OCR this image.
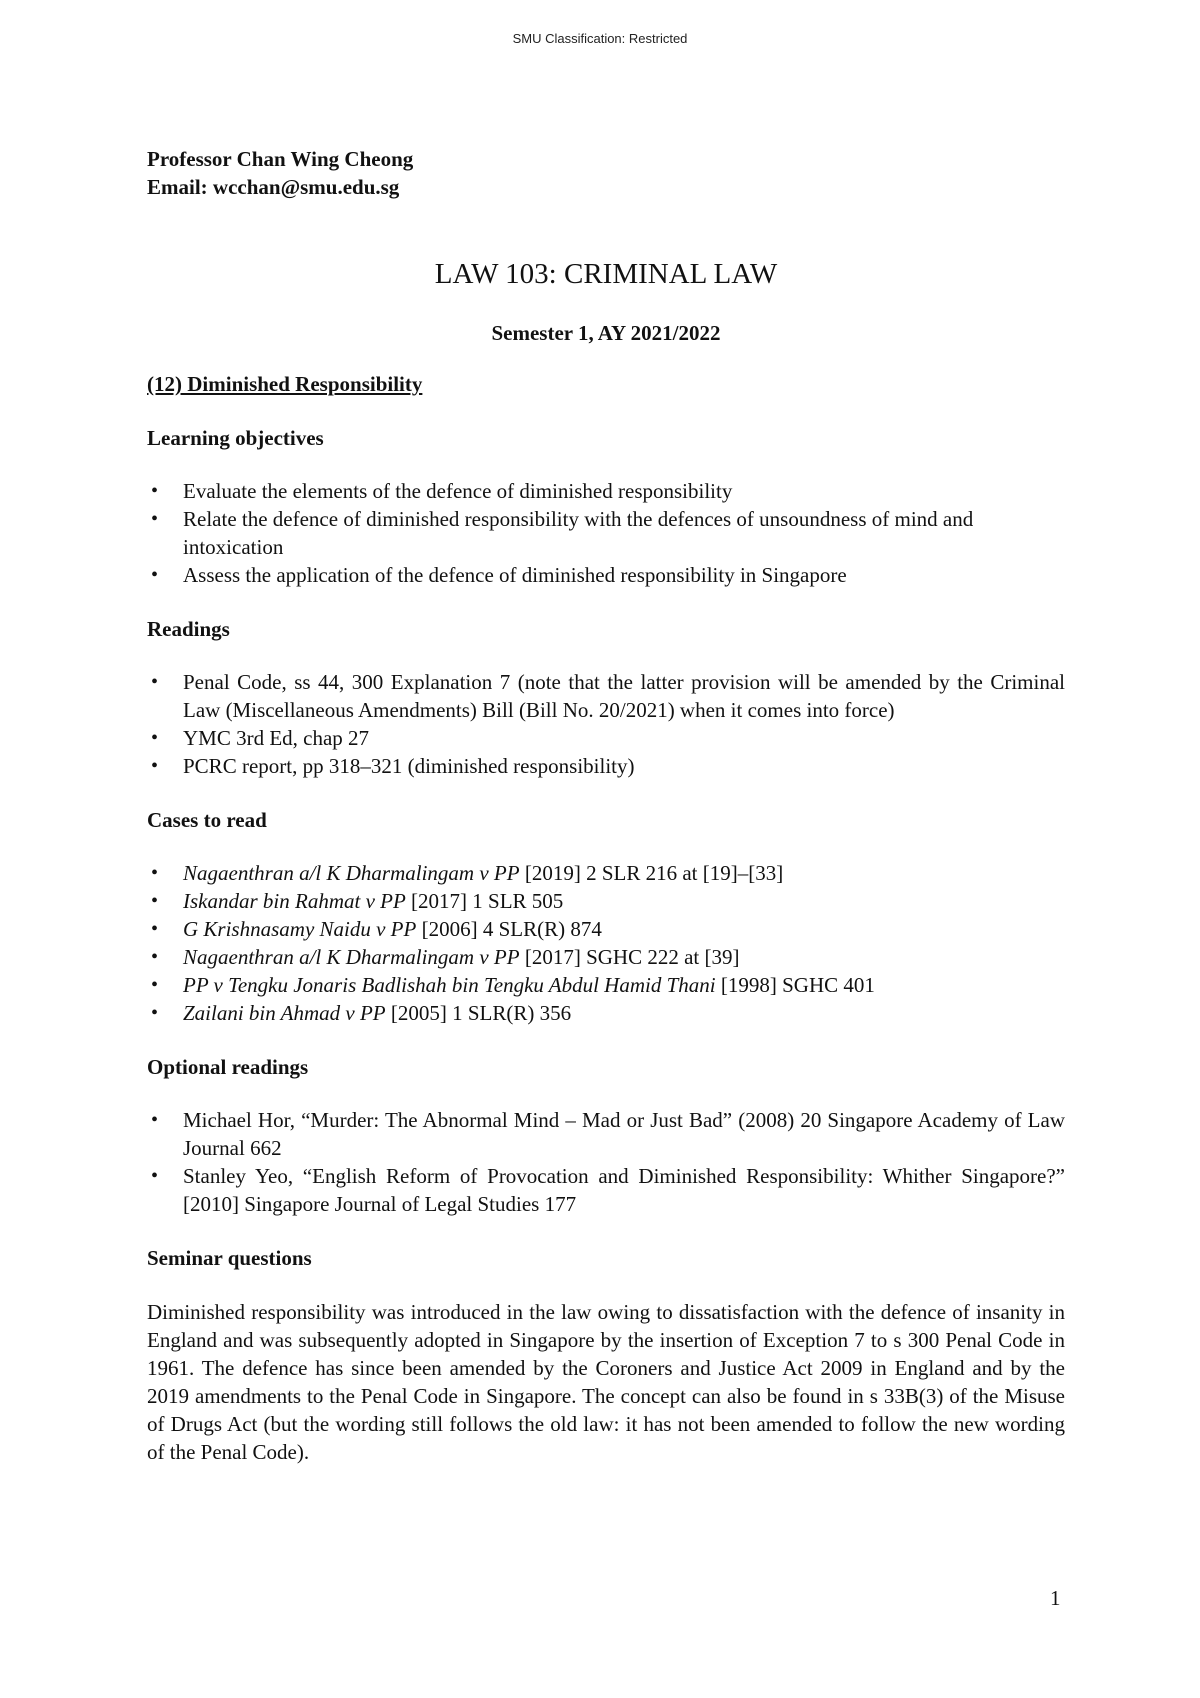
SMU Classification: Restricted
Professor Chan Wing Cheong
Email: wcchan@smu.edu.sg
LAW 103: CRIMINAL LAW
Semester 1, AY 2021/2022
(12) Diminished Responsibility
Learning objectives
• Evaluate the elements of the defence of diminished responsibility
• Relate the defence of diminished responsibility with the defences of unsoundness of mind and intoxication
• Assess the application of the defence of diminished responsibility in Singapore
Readings
• Penal Code, ss 44, 300 Explanation 7 (note that the latter provision will be amended by the Criminal Law (Miscellaneous Amendments) Bill (Bill No. 20/2021) when it comes into force)
• YMC 3rd Ed, chap 27
• PCRC report, pp 318–321 (diminished responsibility)
Cases to read
• Nagaenthran a/l K Dharmalingam v PP [2019] 2 SLR 216 at [19]–[33]
• Iskandar bin Rahmat v PP [2017] 1 SLR 505
• G Krishnasamy Naidu v PP [2006] 4 SLR(R) 874
• Nagaenthran a/l K Dharmalingam v PP [2017] SGHC 222 at [39]
• PP v Tengku Jonaris Badlishah bin Tengku Abdul Hamid Thani [1998] SGHC 401
• Zailani bin Ahmad v PP [2005] 1 SLR(R) 356
Optional readings
• Michael Hor, “Murder: The Abnormal Mind – Mad or Just Bad” (2008) 20 Singapore Academy of Law Journal 662
• Stanley Yeo, “English Reform of Provocation and Diminished Responsibility: Whither Singapore?” [2010] Singapore Journal of Legal Studies 177
Seminar questions
Diminished responsibility was introduced in the law owing to dissatisfaction with the defence of insanity in England and was subsequently adopted in Singapore by the insertion of Exception 7 to s 300 Penal Code in 1961. The defence has since been amended by the Coroners and Justice Act 2009 in England and by the 2019 amendments to the Penal Code in Singapore. The concept can also be found in s 33B(3) of the Misuse of Drugs Act (but the wording still follows the old law: it has not been amended to follow the new wording of the Penal Code).
1
